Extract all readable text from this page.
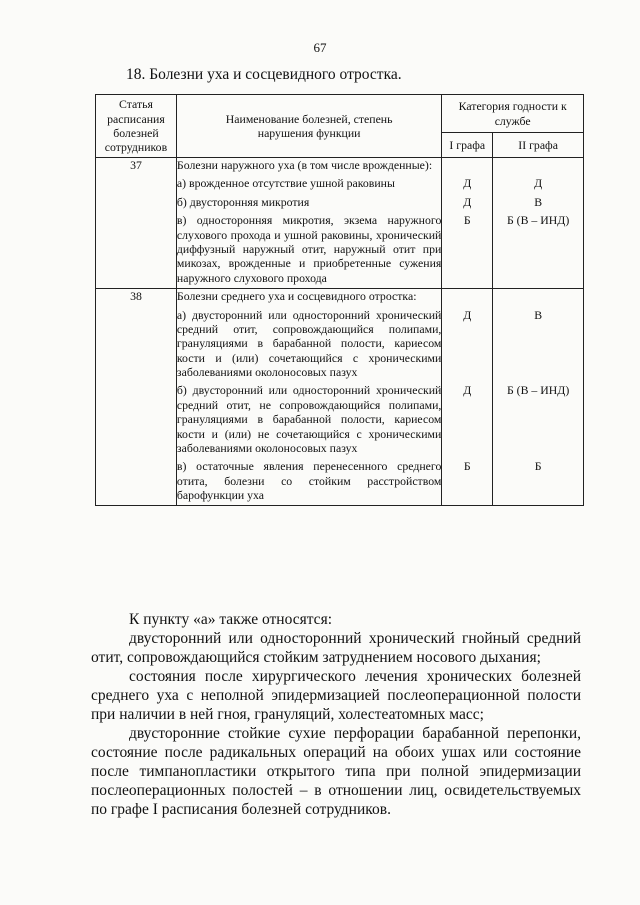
67
18. Болезни уха и сосцевидного отростка.
Статья расписания болезней сотрудников	Наименование болезней, степень нарушения функции	Категория годности к службе	
		I графа	II графа
37	Болезни наружного уха (в том числе врожденные):		
	а) врожденное отсутствие ушной раковины	Д	Д
	б) двусторонняя микротия	Д	В
	в) односторонняя микротия, экзема наружного слухового прохода и ушной раковины, хронический диффузный наружный отит, наружный отит при микозах, врожденные и приобретенные сужения наружного слухового прохода	Б	Б (В – ИНД)
38	Болезни среднего уха и сосцевидного отростка:		
	а) двусторонний или односторонний хронический средний отит, сопровождающийся полипами, грануляциями в барабанной полости, кариесом кости и (или) сочетающийся с хроническими заболеваниями околоносовых пазух	Д	В
	б) двусторонний или односторонний хронический средний отит, не сопровождающийся полипами, грануляциями в барабанной полости, кариесом кости и (или) не сочетающийся с хроническими заболеваниями околоносовых пазух	Д	Б (В – ИНД)
	в) остаточные явления перенесенного среднего отита, болезни со стойким расстройством барофункции уха	Б	Б

К пункту «а» также относятся:

двусторонний или односторонний хронический гнойный средний отит, сопровождающийся стойким затруднением носового дыхания;

состояния после хирургического лечения хронических болезней среднего уха с неполной эпидермизацией послеоперационной полости при наличии в ней гноя, грануляций, холестеатомных масс;

двусторонние стойкие сухие перфорации барабанной перепонки, состояние после радикальных операций на обоих ушах или состояние после тимпанопластики открытого типа при полной эпидермизации послеоперационных полостей – в отношении лиц, освидетельствуемых по графе I расписания болезней сотрудников.
